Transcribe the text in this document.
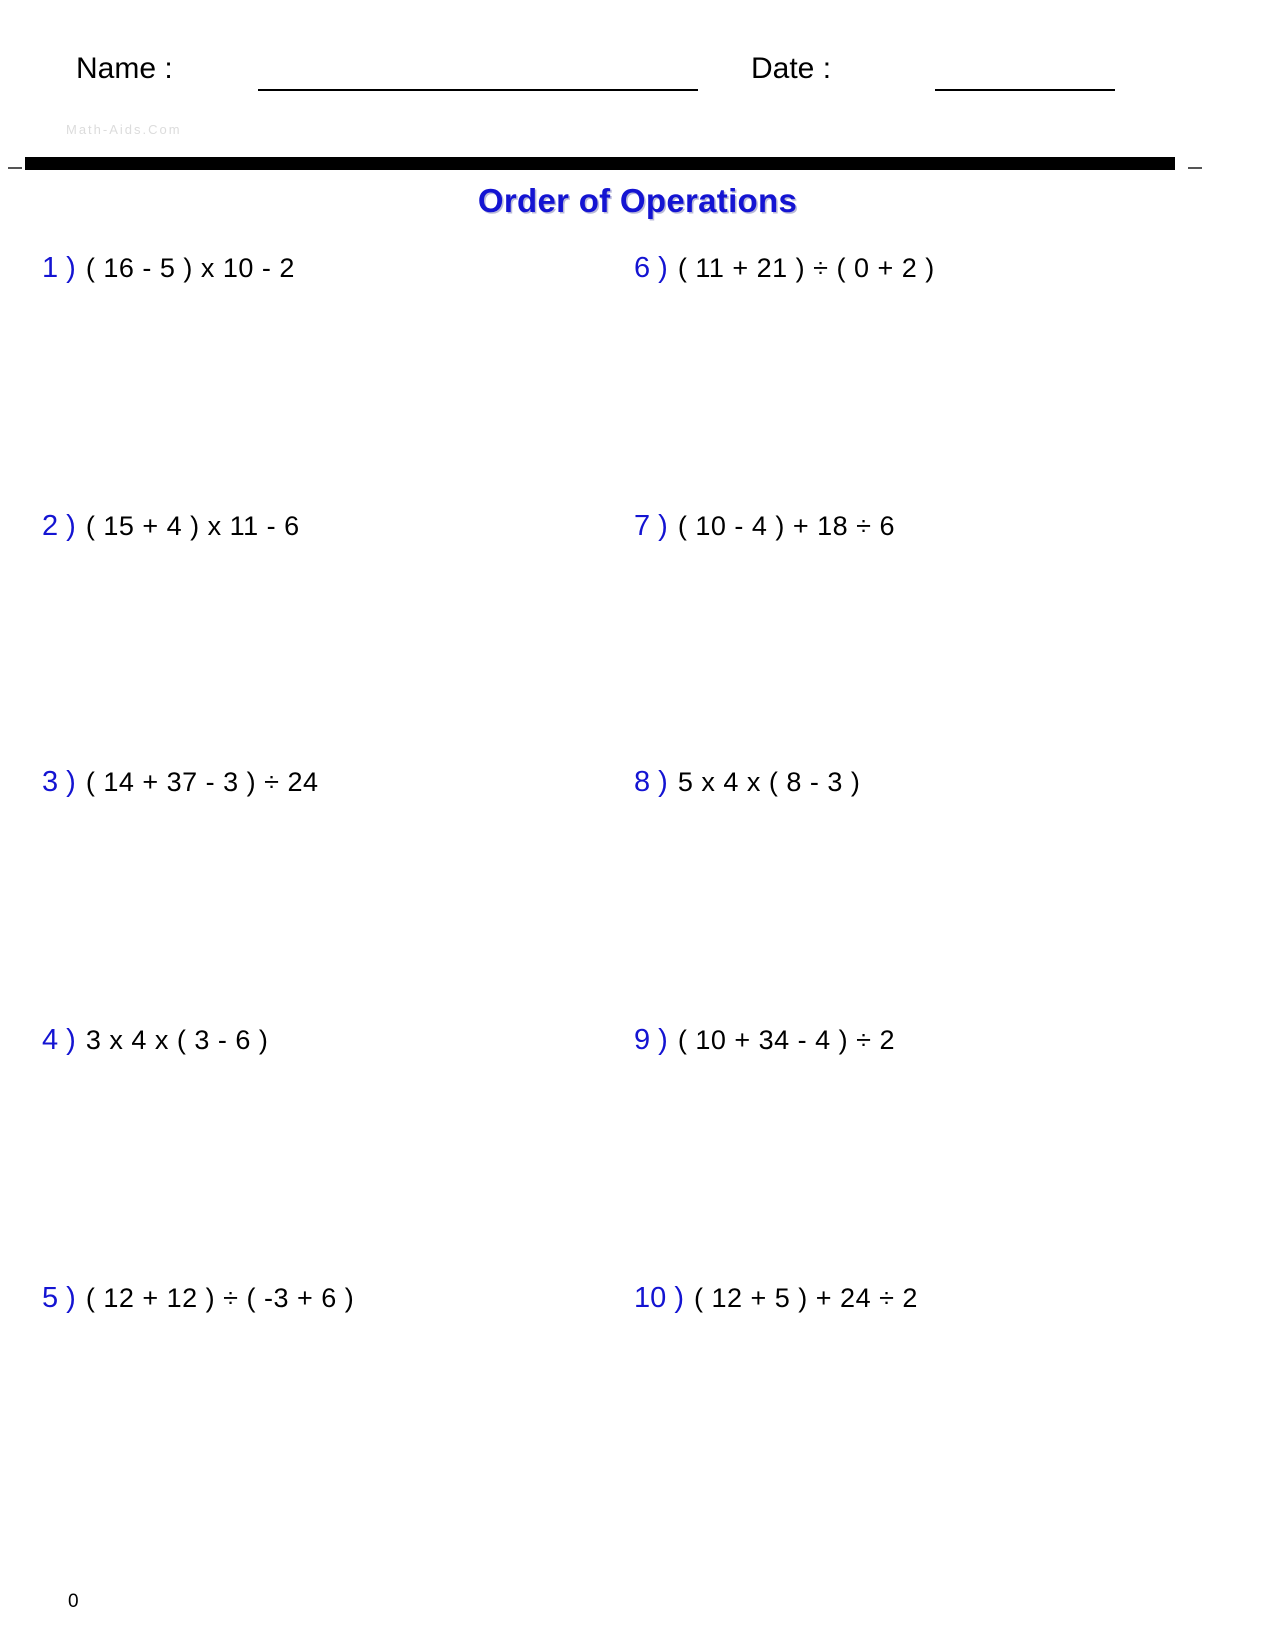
Name :	Date :
Math-Aids.Com
Order of Operations
1 ) ( 16 - 5 ) x 10 - 2
2 ) ( 15 + 4 ) x 11 - 6
3 ) ( 14 + 37 - 3 ) ÷ 24
4 ) 3 x 4 x ( 3 - 6 )
5 ) ( 12 + 12 ) ÷ ( -3 + 6 )
6 ) ( 11 + 21 ) ÷ ( 0 + 2 )
7 ) ( 10 - 4 ) + 18 ÷ 6
8 ) 5 x 4 x ( 8 - 3 )
9 ) ( 10 + 34 - 4 ) ÷ 2
10 ) ( 12 + 5 ) + 24 ÷ 2
0
